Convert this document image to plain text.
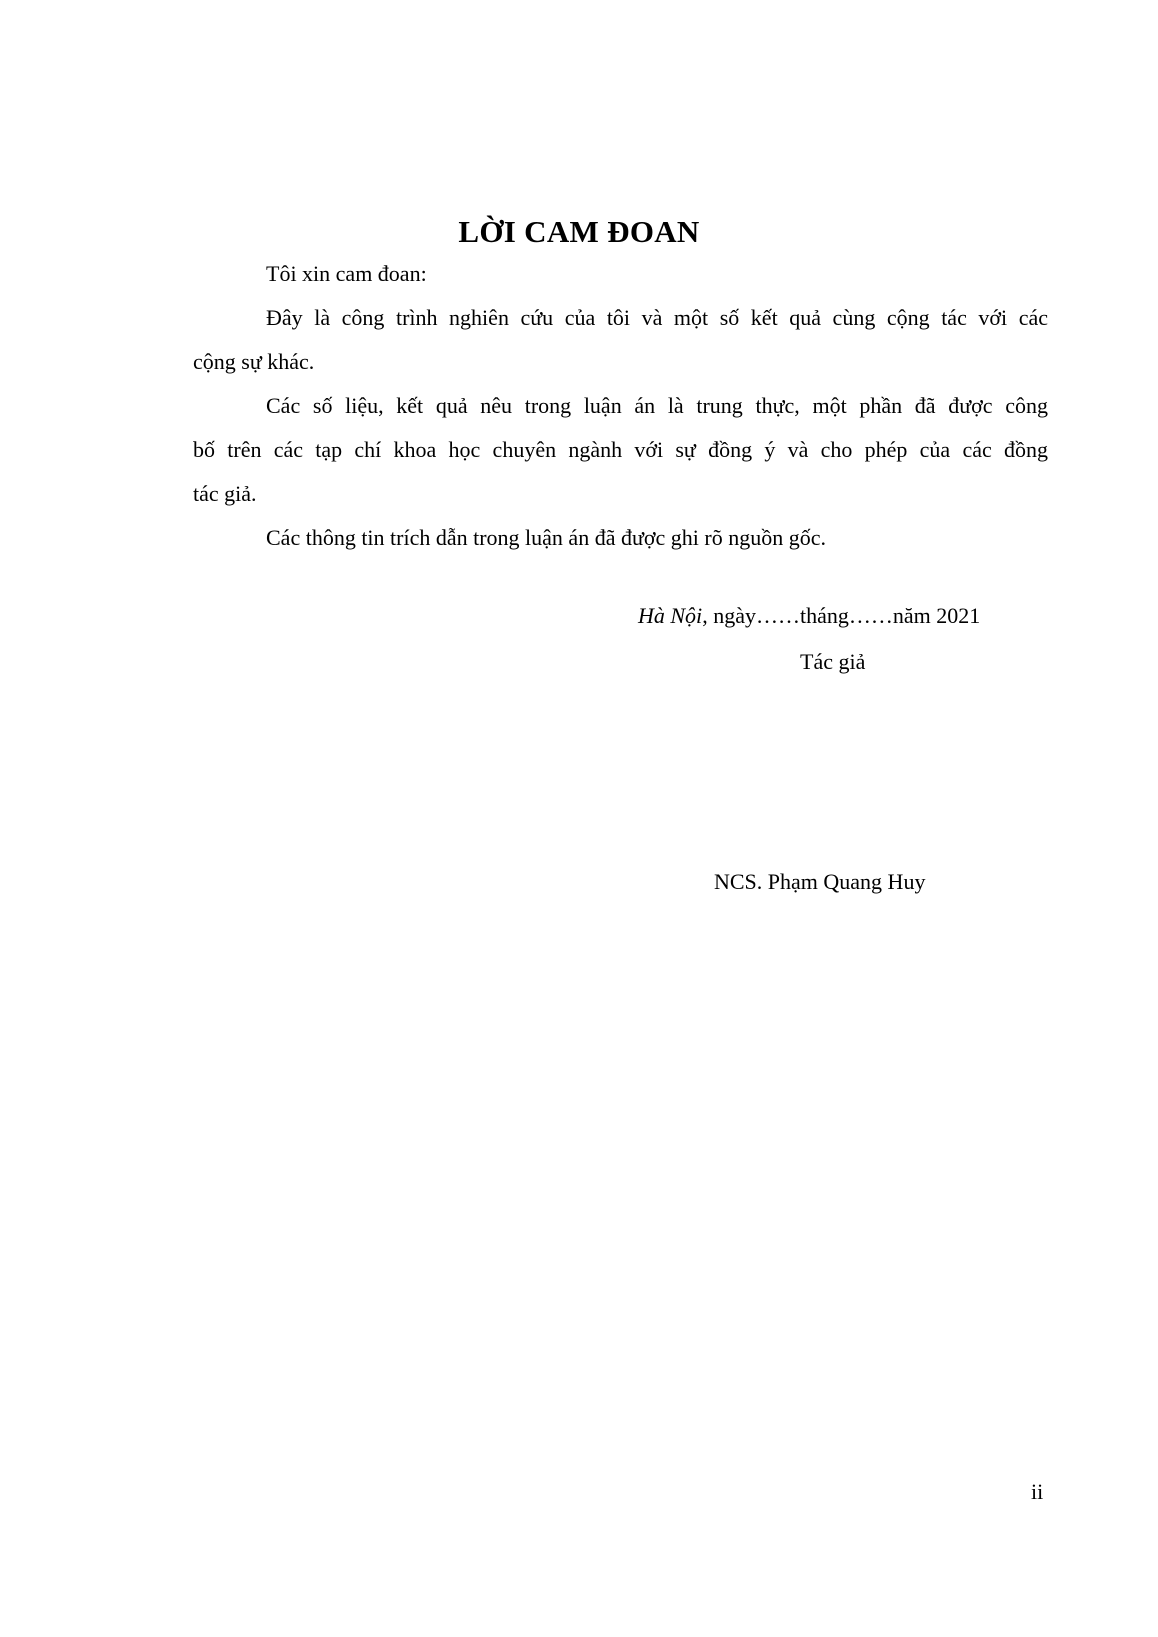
LỜI CAM ĐOAN

Tôi xin cam đoan:

Đây là công trình nghiên cứu của tôi và một số kết quả cùng cộng tác với các
cộng sự khác.
Các số liệu, kết quả nêu trong luận án là trung thực, một phần đã được công
bố trên các tạp chí khoa học chuyên ngành với sự đồng ý và cho phép của các đồng
tác giả.

Các thông tin trích dẫn trong luận án đã được ghi rõ nguồn gốc.

Hà Nội, ngày……tháng……năm 2021
Tác giả
NCS. Phạm Quang Huy
ii
